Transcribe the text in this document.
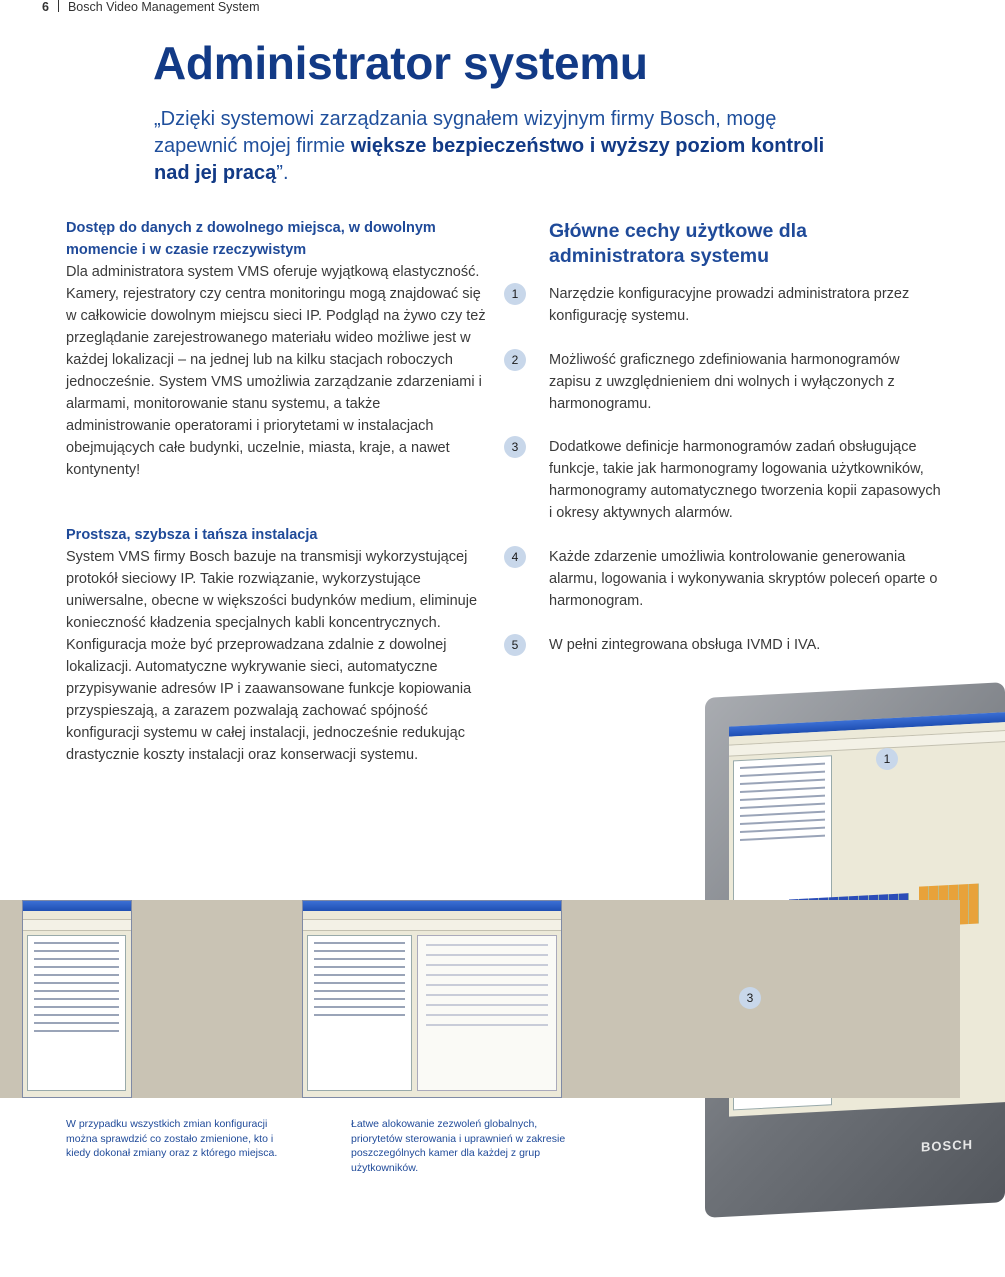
6 Bosch Video Management System
Administrator systemu
„Dzięki systemowi zarządzania sygnałem wizyjnym firmy Bosch, mogę zapewnić mojej firmie większe bezpieczeństwo i wyższy poziom kontroli nad jej pracą”.
Dostęp do danych z dowolnego miejsca, w dowolnym momencie i w czasie rzeczywistym
Dla administratora system VMS oferuje wyjątkową elastyczność. Kamery, rejestratory czy centra monitoringu mogą znajdować się w całkowicie dowolnym miejscu sieci IP. Podgląd na żywo czy też przeglądanie zarejestrowanego materiału wideo możliwe jest w każdej lokalizacji – na jednej lub na kilku stacjach roboczych jednocześnie. System VMS umożliwia zarządzanie zdarzeniami i alarmami, monitorowanie stanu systemu, a także administrowanie operatorami i priorytetami w instalacjach obejmujących całe budynki, uczelnie, miasta, kraje, a nawet kontynenty!
Prostsza, szybsza i tańsza instalacja
System VMS firmy Bosch bazuje na transmisji wykorzystującej protokół sieciowy IP. Takie rozwiązanie, wykorzystujące uniwersalne, obecne w większości budynków medium, eliminuje konieczność kładzenia specjalnych kabli koncentrycznych. Konfiguracja może być przeprowadzana zdalnie z dowolnej lokalizacji. Automatyczne wykrywanie sieci, automatyczne przypisywanie adresów IP i zaawansowane funkcje kopiowania przyspieszają, a zarazem pozwalają zachować spójność konfiguracji systemu w całej instalacji, jednocześnie redukując drastycznie koszty instalacji oraz konserwacji systemu.
Główne cechy użytkowe dla administratora systemu
1	Narzędzie konfiguracyjne prowadzi administratora przez konfigurację systemu.
2	Możliwość graficznego zdefiniowania harmonogramów zapisu z uwzględnieniem dni wolnych i wyłączonych z harmonogramu.
3	Dodatkowe definicje harmonogramów zadań obsługujące funkcje, takie jak harmonogramy logowania użytkowników, harmonogramy automatycznego tworzenia kopii zapasowych i okresy aktywnych alarmów.
4	Każde zdarzenie umożliwia kontrolowanie generowania alarmu, logowania i wykonywania skryptów poleceń oparte o harmonogram.
5	W pełni zintegrowana obsługa IVMD i IVA.
BOSCH
1
3
W przypadku wszystkich zmian konfiguracji można sprawdzić co zostało zmienione, kto i kiedy dokonał zmiany oraz z którego miejsca.
Łatwe alokowanie zezwoleń globalnych, priorytetów sterowania i uprawnień w zakresie poszczególnych kamer dla każdej z grup użytkowników.
